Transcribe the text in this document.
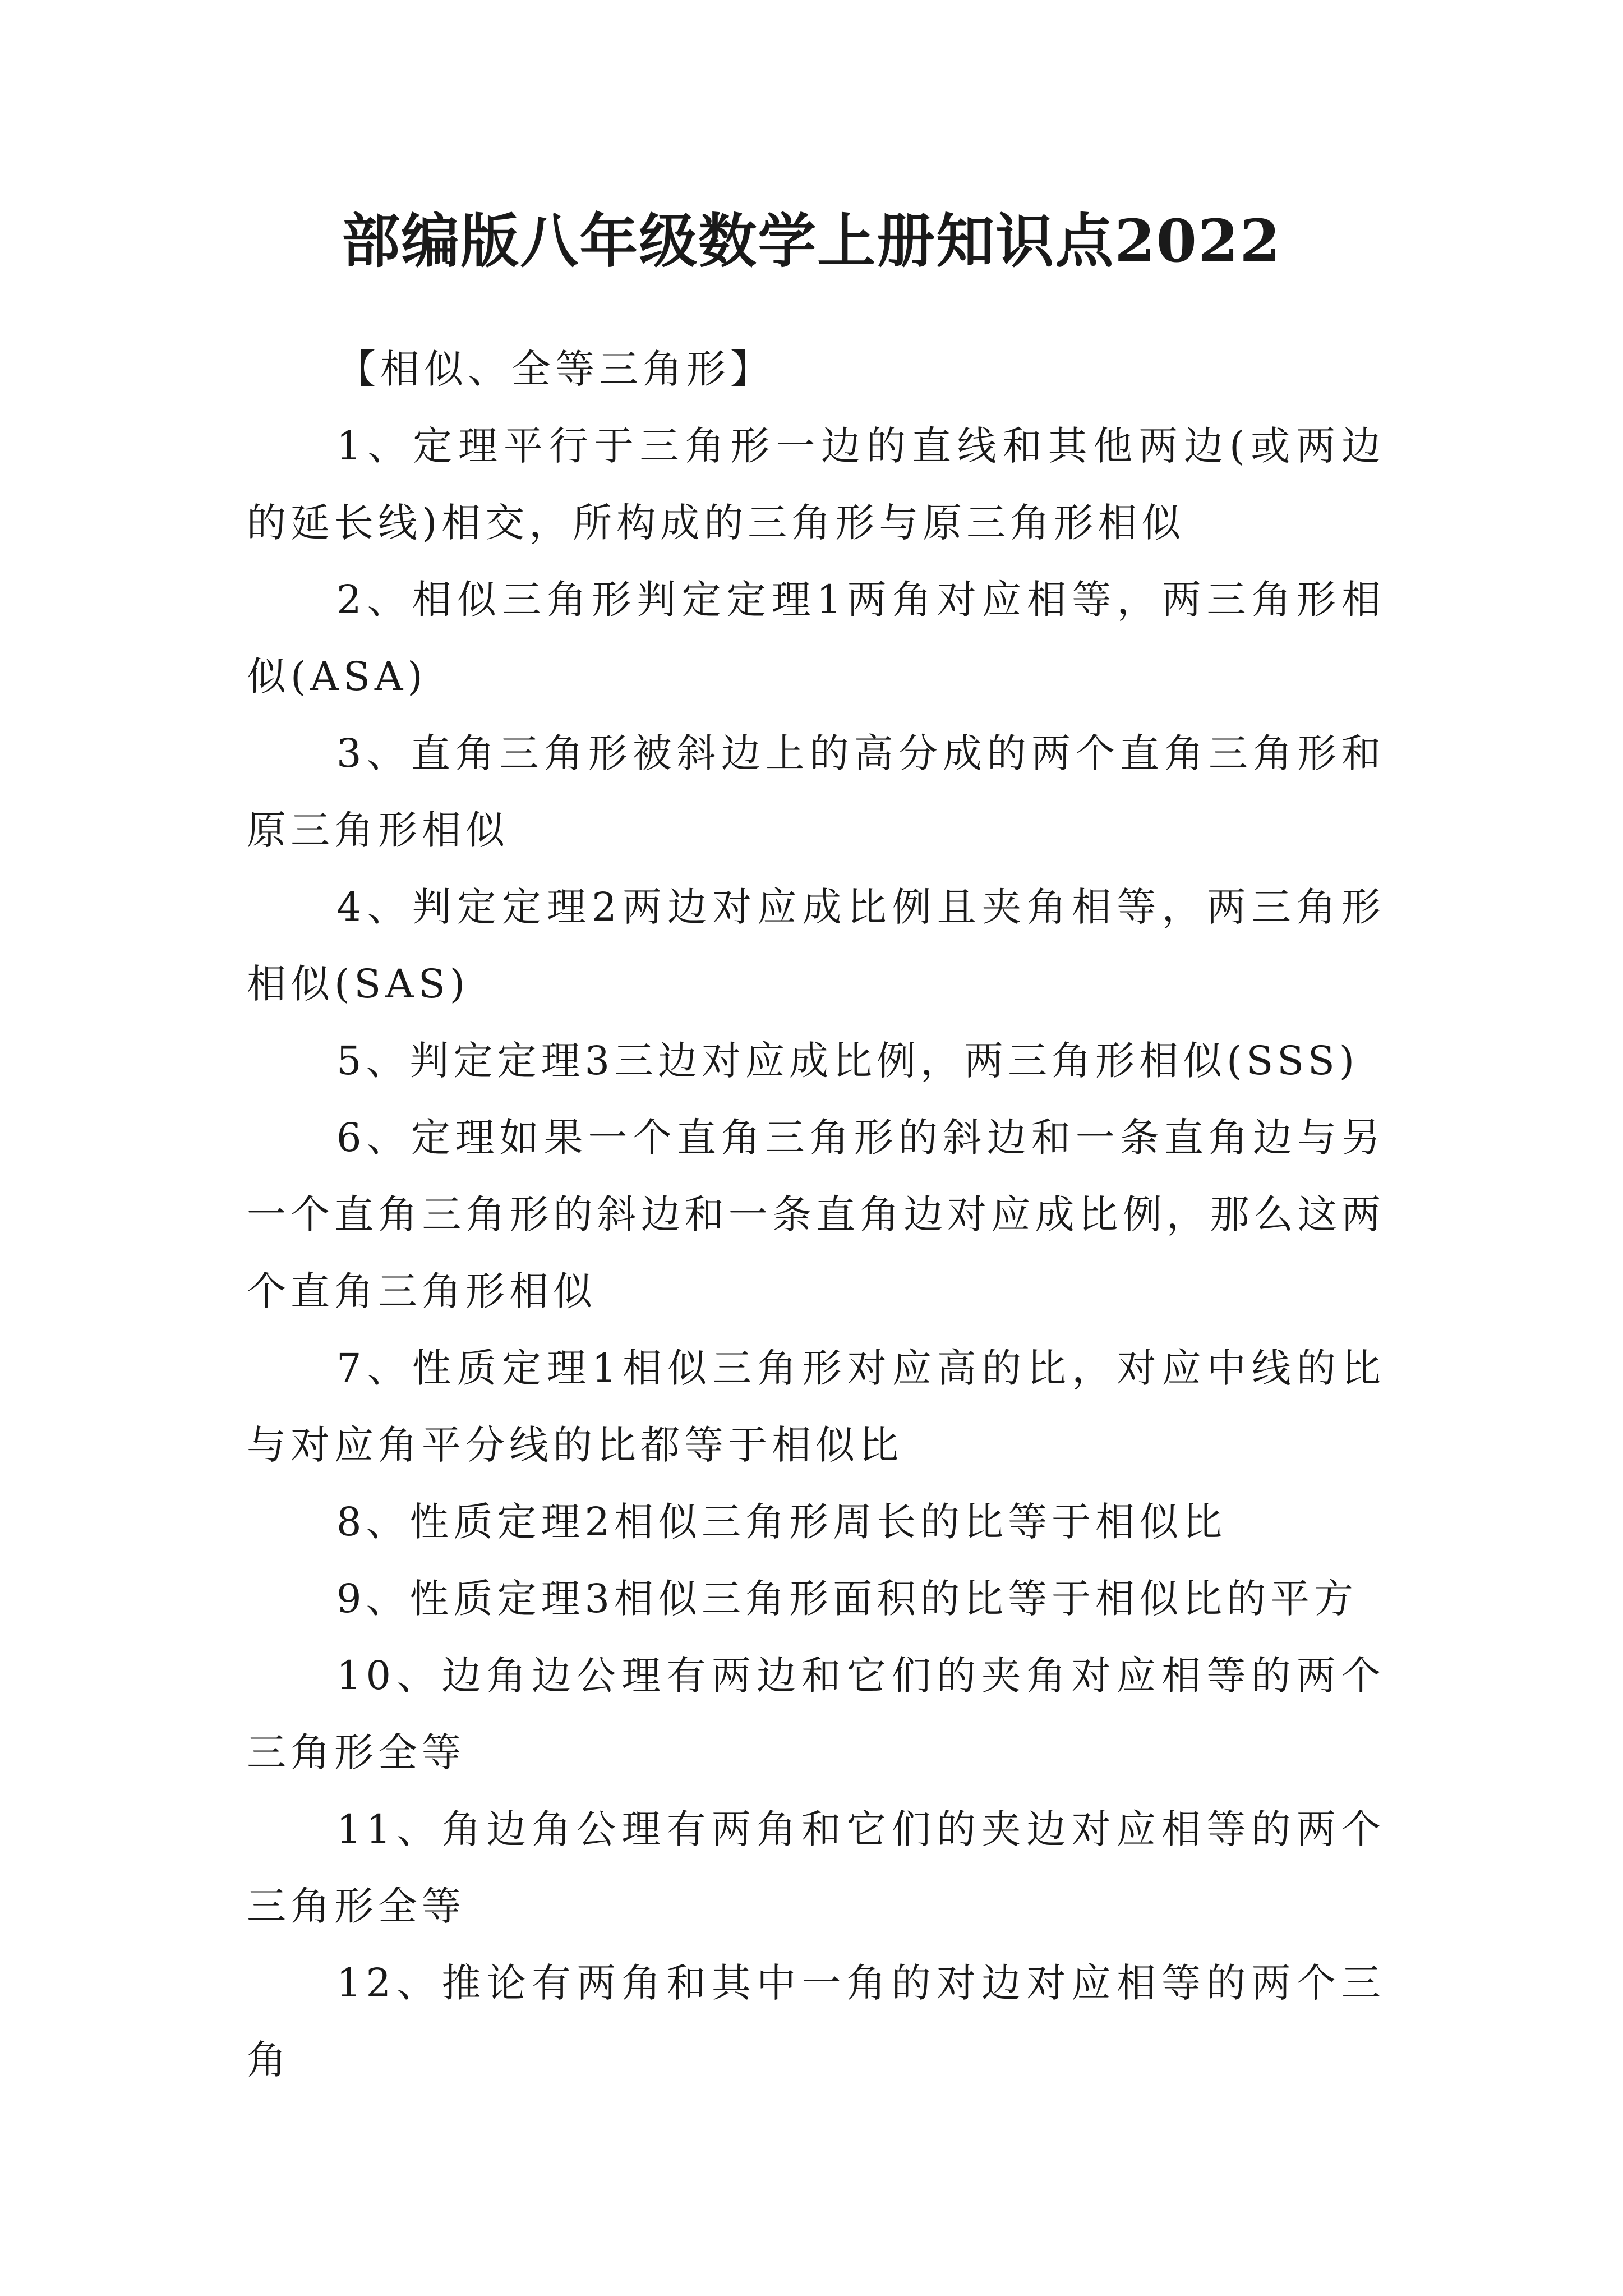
部编版八年级数学上册知识点2022

【相似、全等三角形】

1、定理平行于三角形一边的直线和其他两边(或两边的延长线)相交，所构成的三角形与原三角形相似

2、相似三角形判定定理1两角对应相等，两三角形相似(ASA)

3、直角三角形被斜边上的高分成的两个直角三角形和原三角形相似

4、判定定理2两边对应成比例且夹角相等，两三角形相似(SAS)

5、判定定理3三边对应成比例，两三角形相似(SSS)

6、定理如果一个直角三角形的斜边和一条直角边与另一个直角三角形的斜边和一条直角边对应成比例，那么这两个直角三角形相似

7、性质定理1相似三角形对应高的比，对应中线的比与对应角平分线的比都等于相似比

8、性质定理2相似三角形周长的比等于相似比

9、性质定理3相似三角形面积的比等于相似比的平方

10、边角边公理有两边和它们的夹角对应相等的两个三角形全等

11、角边角公理有两角和它们的夹边对应相等的两个三角形全等

12、推论有两角和其中一角的对边对应相等的两个三角
